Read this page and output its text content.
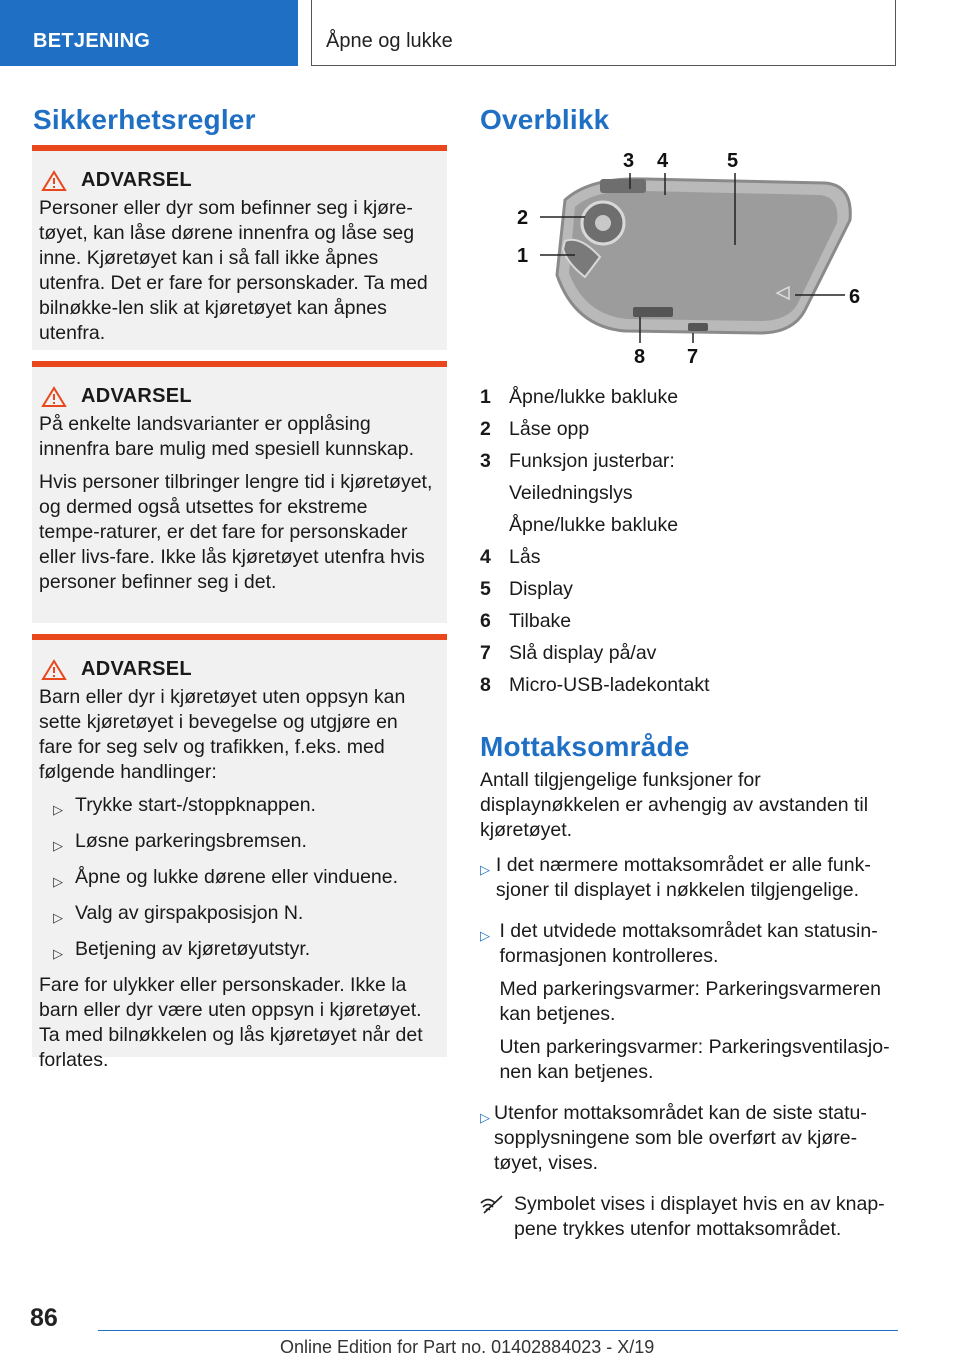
BETJENING	Åpne og lukke
Sikkerhetsregler
ADVARSEL

Personer eller dyr som befinner seg i kjøre-tøyet, kan låse dørene innenfra og låse seg inne. Kjøretøyet kan i så fall ikke åpnes utenfra. Det er fare for personskader. Ta med bilnøkke-len slik at kjøretøyet kan åpnes utenfra.

ADVARSEL

På enkelte landsvarianter er opplåsing innenfra bare mulig med spesiell kunnskap.

Hvis personer tilbringer lengre tid i kjøretøyet, og dermed også utsettes for ekstreme tempe-raturer, er det fare for personskader eller livs-fare. Ikke lås kjøretøyet utenfra hvis personer befinner seg i det.

ADVARSEL

Barn eller dyr i kjøretøyet uten oppsyn kan sette kjøretøyet i bevegelse og utgjøre en fare for seg selv og trafikken, f.eks. med følgende handlinger:

▷ Trykke start-/stoppknappen.
▷ Løsne parkeringsbremsen.
▷ Åpne og lukke dørene eller vinduene.
▷ Valg av girspakposisjon N.
▷ Betjening av kjøretøyutstyr.

Fare for ulykker eller personskader. Ikke la barn eller dyr være uten oppsyn i kjøretøyet. Ta med bilnøkkelen og lås kjøretøyet når det forlates.

Overblikk
1
2
3 4	5
6
7
8
1 Åpne/lukke bakluke
2 Låse opp
3 Funksjon justerbar:
Veiledningslys
Åpne/lukke bakluke
4 Lås
5 Display
6 Tilbake
7 Slå display på/av
8 Micro-USB-ladekontakt
Mottaksområde

Antall tilgjengelige funksjoner for displaynøkkelen er avhengig av avstanden til kjøretøyet.

▷ I det nærmere mottaksområdet er alle funk-sjoner til displayet i nøkkelen tilgjengelige.

▷ I det utvidede mottaksområdet kan statusin-formasjonen kontrolleres.

Med parkeringsvarmer: Parkeringsvarmeren kan betjenes.

Uten parkeringsvarmer: Parkeringsventilasjo-nen kan betjenes.

▷ Utenfor mottaksområdet kan de siste statu-sopplysningene som ble overført av kjøre-tøyet, vises.

Symbolet vises i displayet hvis en av knap-pene trykkes utenfor mottaksområdet.
86
Online Edition for Part no. 01402884023 - X/19
